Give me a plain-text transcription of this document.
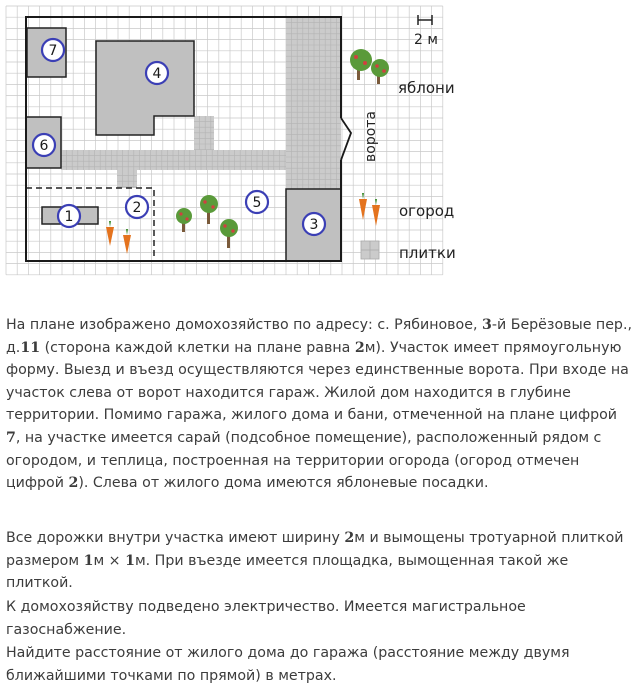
2 м
яблони
ворота
огород
плитки
1
2
3
4
5
6
7

На плане изображено домохозяйство по адресу: с. Рябиновое, 3-й Берёзовые пер., д.11 (сторона каждой клетки на плане равна 2м). Участок имеет прямоугольную форму. Выезд и въезд осуществляются через единственные ворота. При входе на участок слева от ворот находится гараж. Жилой дом находится в глубине территории. Помимо гаража, жилого дома и бани, отмеченной на плане цифрой 7, на участке имеется сарай (подсобное помещение), расположенный рядом с огородом, и теплица, построенная на территории огорода (огород отмечен цифрой 2). Слева от жилого дома имеются яблоневые посадки.

Все дорожки внутри участка имеют ширину 2м и вымощены тротуарной плиткой размером 1м × 1м. При въезде имеется площадка, вымощенная такой же плиткой.

К домохозяйству подведено электричество. Имеется магистральное газоснабжение.

Найдите расстояние от жилого дома до гаража (расстояние между двумя ближайшими точками по прямой) в метрах.
